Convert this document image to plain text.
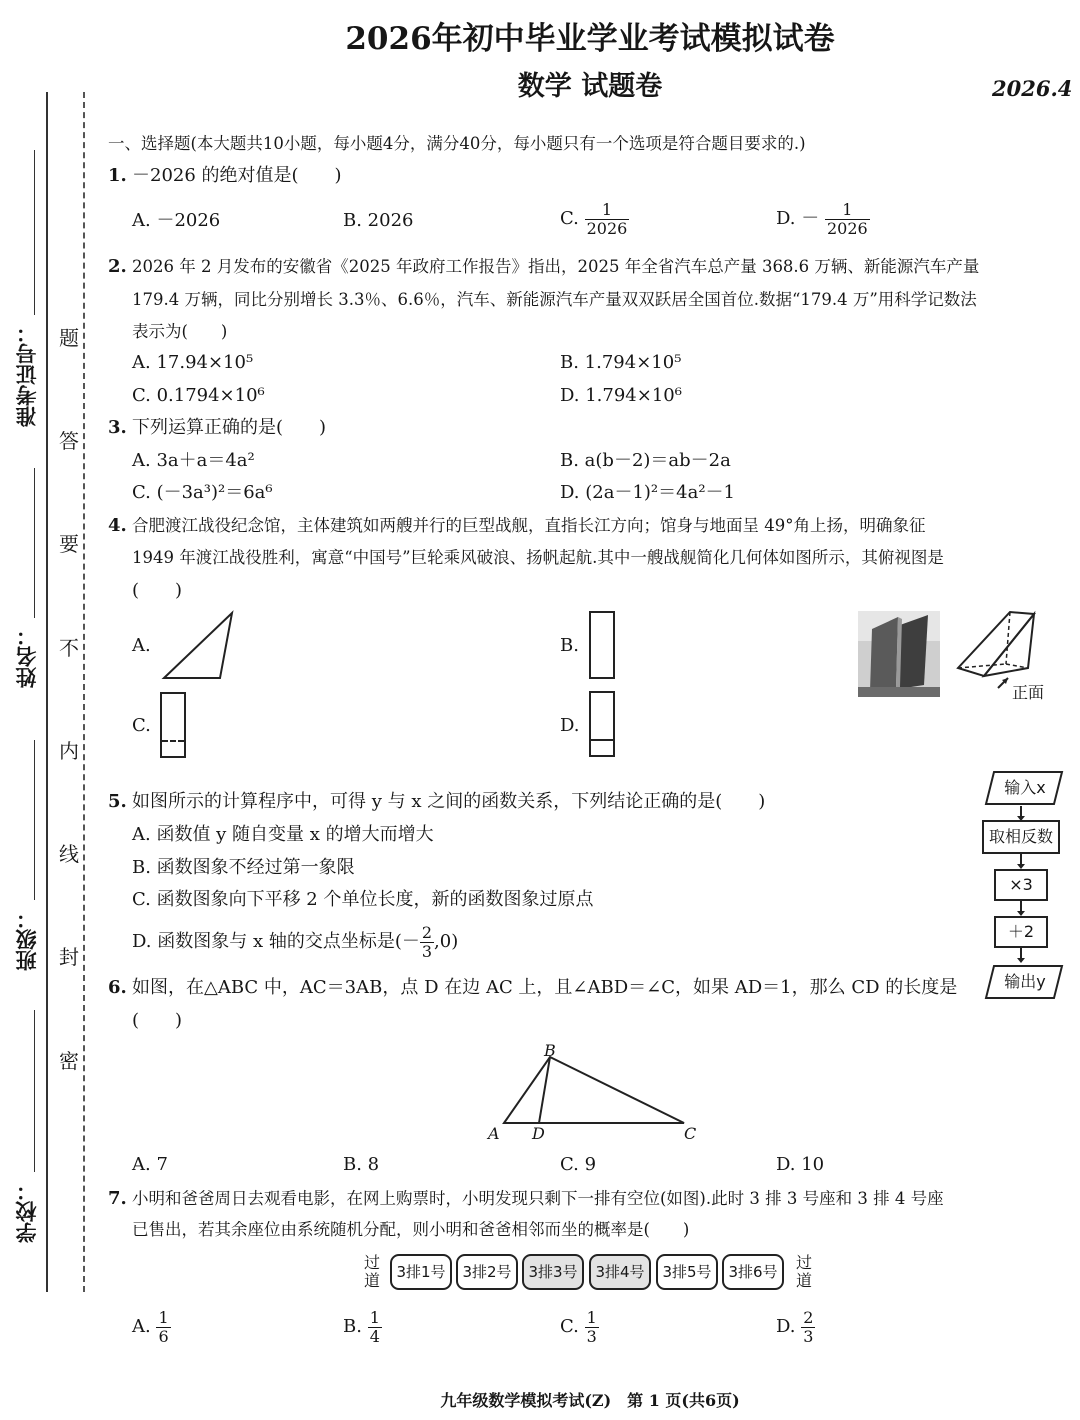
2026年初中毕业学业考试模拟试卷
数学 试题卷	2026.4
准考证号：
姓名：
班级：
学校：
题
答
要
不
内
线
封
密
一、选择题(本大题共10小题，每小题4分，满分40分，每小题只有一个选项是符合题目要求的.)
1. －2026 的绝对值是(　　)
A. －2026	B. 2026	C. $\frac{1}{2026}$	D. － $\frac{1}{2026}$
2. 2026 年 2 月发布的安徽省《2025 年政府工作报告》指出，2025 年全省汽车总产量 368.6 万辆、新能源汽车产量
179.4 万辆，同比分别增长 3.3％、6.6％，汽车、新能源汽车产量双双跃居全国首位.数据“179.4 万”用科学记数法
表示为(　　)
A. 17.94×10⁵	B. 1.794×10⁵
C. 0.1794×10⁶	D. 1.794×10⁶
3. 下列运算正确的是(　　)
A. 3a＋a＝4a²	B. a(b－2)＝ab－2a
C. (－3a³)²＝6a⁶	D. (2a－1)²＝4a²－1
4. 合肥渡江战役纪念馆，主体建筑如两艘并行的巨型战舰，直指长江方向；馆身与地面呈 49°角上扬，明确象征
1949 年渡江战役胜利，寓意“中国号”巨轮乘风破浪、扬帆起航.其中一艘战舰简化几何体如图所示，其俯视图是
(　　)
A.	B.
C.	D.
正面
5. 如图所示的计算程序中，可得 y 与 x 之间的函数关系，下列结论正确的是(　　)
A. 函数值 y 随自变量 x 的增大而增大
B. 函数图象不经过第一象限
C. 函数图象向下平移 2 个单位长度，新的函数图象过原点
D. 函数图象与 x 轴的交点坐标是(－ $\frac{2}{3} ,0$)
输入x
取相反数
×3
＋2
输出y
6. 如图，在△ABC 中，AC＝3AB，点 D 在边 AC 上，且∠ABD＝∠C，如果 AD＝1，那么 CD 的长度是
(　　)
B
A D	C
A. 7	B. 8	C. 9	D. 10
7. 小明和爸爸周日去观看电影，在网上购票时，小明发现只剩下一排有空位(如图).此时 3 排 3 号座和 3 排 4 号座
已售出，若其余座位由系统随机分配，则小明和爸爸相邻而坐的概率是(　　)
过道	3排1号	3排2号	3排3号	3排4号	3排5号	3排6号	过道
A. $\frac{1}{6}$	B. $\frac{1}{4}$	C. $\frac{1}{3}$	D. $\frac{2}{3}$
九年级数学模拟考试(Z)　第 1 页(共6页)
